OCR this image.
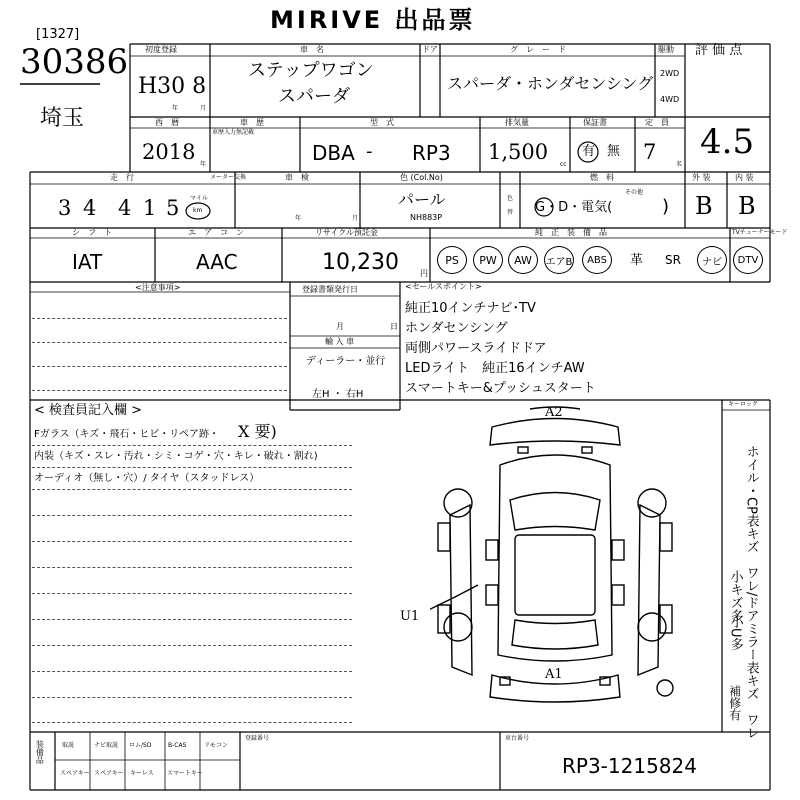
MIRIVE 出品票
[1327]
30386
埼玉
初度登録
H30 8
年	月
車　名
ステップワゴン
スパーダ
ドア	グ　レ　ー　ド
スパーダ・ホンダセンシング
駆動
2WD
4WD
評 価 点
4.5
西　暦
2018
年
車　歴
車歴入力無記載
型　式
DBA - RP3
排気量
1,500
cc
保証書
有 無
定　員
7
名
走　行
3 4 4 1 5 マイル
km
メーター交換	車　検
年	月
色 (Col.No)
パール
NH883P
色
替
燃　料
G・D・電気(
その他
)
外 装
B
内 装
B
シ　フ　ト
IAT
エ　ア　コ　ン
AAC
リサイクル預託金
10,230	円
純　正　装　備　品	TVチューナーモード
PS	PW	AW	エアB	ABS	革 SR	ナビ	DTV
<注意事項>	登録書類発行日
月	日
輸 入 車
ディーラー・並行
左H ・ 右H
<セールスポイント>
純正10インチナビ･TV
ホンダセンシング
両側パワースライドドア
LEDライト　純正16インチAW
スマートキー&プッシュスタート
< 検査員記入欄 >
Fガラス（キズ・飛石・ヒビ・リペア跡・ X 要)
内装（キズ・スレ・汚れ・シミ・コゲ・穴・キレ・破れ・割れ)
オーディオ（無し・穴）/ タイヤ（スタッドレス）
キーロック
A2
A1
U1	ホイル・CP表キズ　ワレ/ドアミラー表キズ　ワレ
小キズ多
小U多
補修有
装備品	取説	ナビ取説 ロム/SD	B-CAS	リモコン
スペアキー スペアキー キーレス スマートキー
登録番号	車台番号
RP3-1215824
